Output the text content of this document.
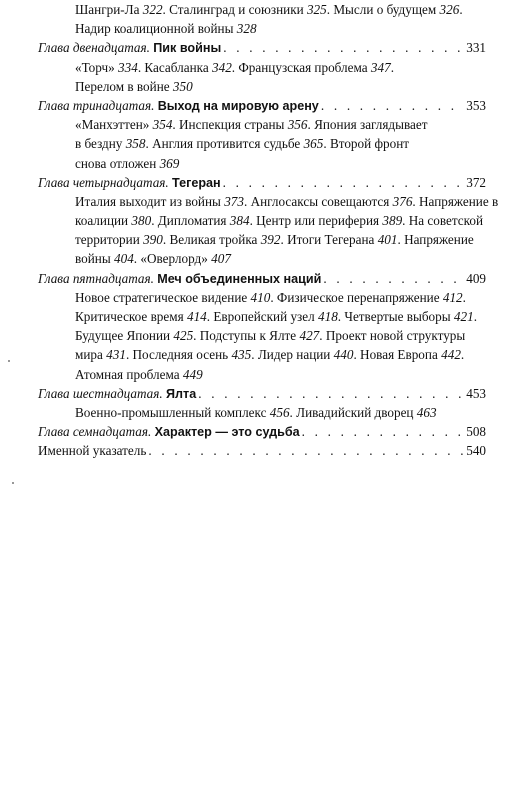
Шангри-Ла 322. Сталинград и союзники 325. Мысли о будущем 326.
Надир коалиционной войны 328
Глава двенадцатая.
Пик войны . . .	331
«Торч» 334. Касабланка 342. Французская проблема 347.
Перелом в войне 350
Глава тринадцатая.
Выход на мировую арену . . .	353
«Манхэттен» 354. Инспекция страны 356. Япония заглядывает
в бездну 358. Англия противится судьбе 365. Второй фронт
снова отложен 369
Глава четырнадцатая.
Тегеран . . .	372
Италия выходит из войны 373. Англосаксы совещаются 376. Напряжение в
коалиции 380. Дипломатия 384. Центр или периферия 389. На советской
территории 390. Великая тройка 392. Итоги Тегерана 401. Напряжение
войны 404. «Оверлорд» 407
Глава пятнадцатая.
Меч объединенных наций . . .	409
Новое стратегическое видение 410. Физическое перенапряжение 412.
Критическое время 414. Европейский узел 418. Четвертые выборы 421.
Будущее Японии 425. Подступы к Ялте 427. Проект новой структуры
мира 431. Последняя осень 435. Лидер нации 440. Новая Европа 442.
Атомная проблема 449
Глава шестнадцатая.
Ялта . . .	453
Военно-промышленный комплекс 456. Ливадийский дворец 463
Глава семнадцатая.
Характер — это судьба . . .	508
Именной указатель . . .	540
